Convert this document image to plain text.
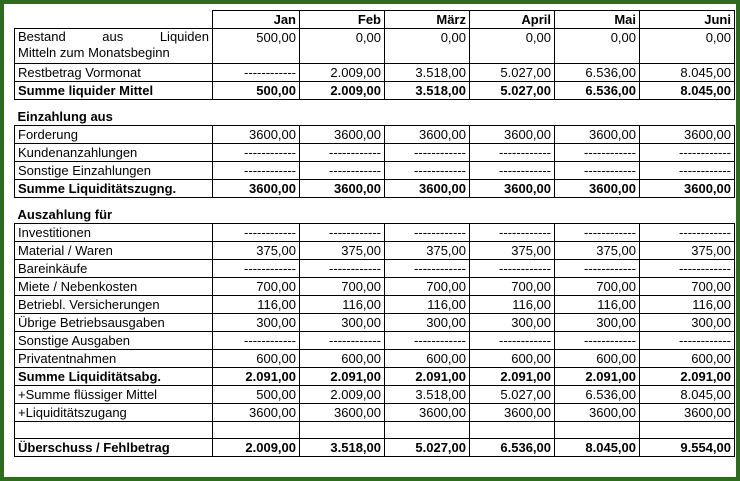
	Jan	Feb	März	April	Mai	Juni

Bestand aus Liquiden
Mitteln zum Monatsbeginn	500,00	0,00	0,00	0,00	0,00	0,00
Restbetrag Vormonat	------------	2.009,00	3.518,00	5.027,00	6.536,00	8.045,00
Summe liquider Mittel	500,00	2.009,00	3.518,00	5.027,00	6.536,00	8.045,00
Einzahlung aus						
Forderung	3600,00	3600,00	3600,00	3600,00	3600,00	3600,00
Kundenanzahlungen	------------	------------	------------	------------	------------	------------
Sonstige Einzahlungen	------------	------------	------------	------------	------------	------------
Summe Liquiditätszugng.	3600,00	3600,00	3600,00	3600,00	3600,00	3600,00
Auszahlung für						
Investitionen	------------	------------	------------	------------	------------	------------
Material / Waren	375,00	375,00	375,00	375,00	375,00	375,00
Bareinkäufe	------------	------------	------------	------------	------------	------------
Miete / Nebenkosten	700,00	700,00	700,00	700,00	700,00	700,00
Betriebl. Versicherungen	116,00	116,00	116,00	116,00	116,00	116,00
Übrige Betriebsausgaben	300,00	300,00	300,00	300,00	300,00	300,00
Sonstige Ausgaben	------------	------------	------------	------------	------------	------------
Privatentnahmen	600,00	600,00	600,00	600,00	600,00	600,00
Summe Liquiditätsabg.	2.091,00	2.091,00	2.091,00	2.091,00	2.091,00	2.091,00
+Summe flüssiger Mittel	500,00	2.009,00	3.518,00	5.027,00	6.536,00	8.045,00
+Liquiditätszugang	3600,00	3600,00	3600,00	3600,00	3600,00	3600,00

Überschuss / Fehlbetrag	2.009,00	3.518,00	5.027,00	6.536,00	8.045,00	9.554,00
